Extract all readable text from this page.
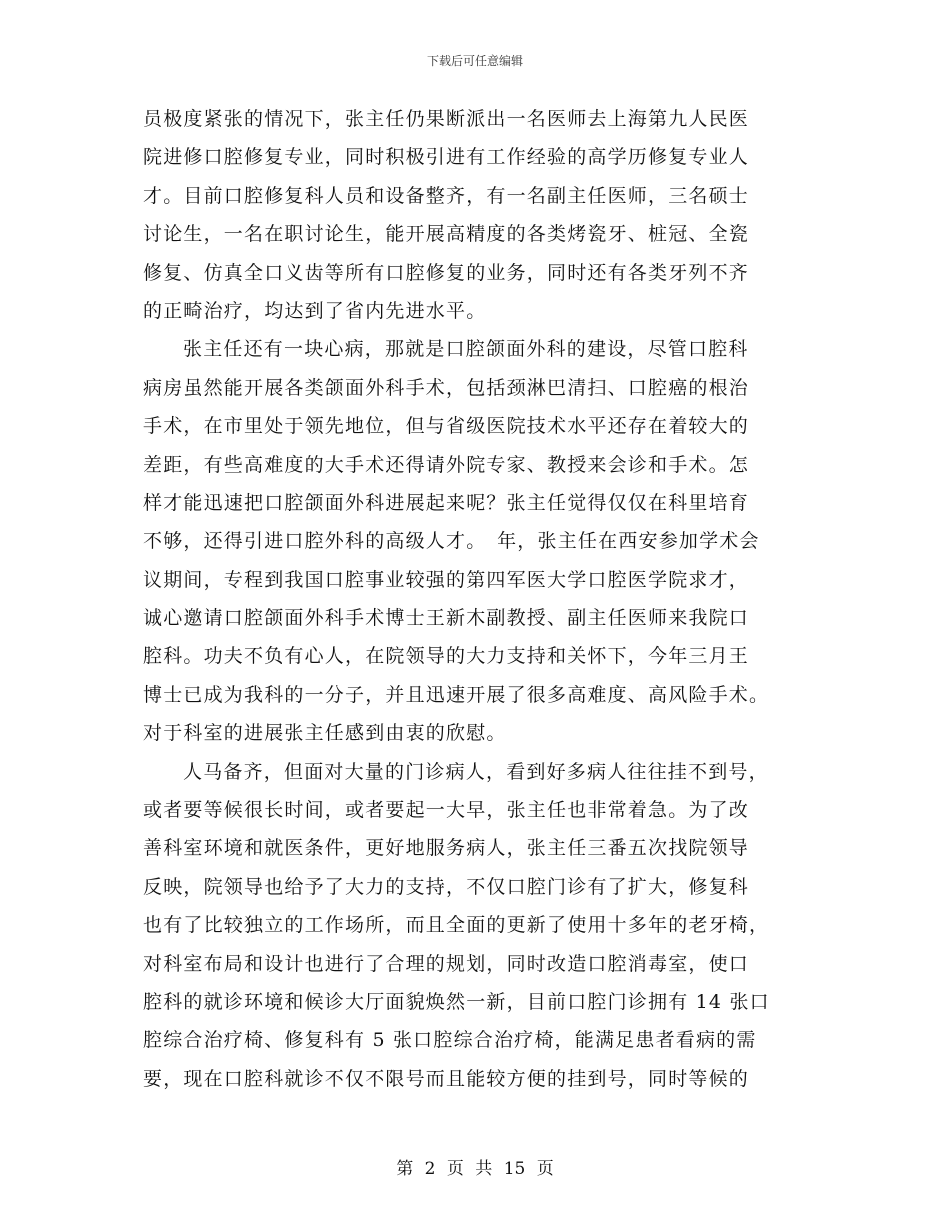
下载后可任意编辑
员极度紧张的情况下，张主任仍果断派出一名医师去上海第九人民医
院进修口腔修复专业，同时积极引进有工作经验的高学历修复专业人
才。目前口腔修复科人员和设备整齐，有一名副主任医师，三名硕士
讨论生，一名在职讨论生，能开展高精度的各类烤瓷牙、桩冠、全瓷
修复、仿真全口义齿等所有口腔修复的业务，同时还有各类牙列不齐
的正畸治疗，均达到了省内先进水平。
张主任还有一块心病，那就是口腔颌面外科的建设，尽管口腔科
病房虽然能开展各类颌面外科手术，包括颈淋巴清扫、口腔癌的根治
手术，在市里处于领先地位，但与省级医院技术水平还存在着较大的
差距，有些高难度的大手术还得请外院专家、教授来会诊和手术。怎
样才能迅速把口腔颌面外科进展起来呢？张主任觉得仅仅在科里培育
不够，还得引进口腔外科的高级人才。　年，张主任在西安参加学术会
议期间，专程到我国口腔事业较强的第四军医大学口腔医学院求才，
诚心邀请口腔颌面外科手术博士王新木副教授、副主任医师来我院口
腔科。功夫不负有心人，在院领导的大力支持和关怀下，今年三月王
博士已成为我科的一分子，并且迅速开展了很多高难度、高风险手术。
对于科室的进展张主任感到由衷的欣慰。
人马备齐，但面对大量的门诊病人，看到好多病人往往挂不到号，
或者要等候很长时间，或者要起一大早，张主任也非常着急。为了改
善科室环境和就医条件，更好地服务病人，张主任三番五次找院领导
反映，院领导也给予了大力的支持，不仅口腔门诊有了扩大，修复科
也有了比较独立的工作场所，而且全面的更新了使用十多年的老牙椅，
对科室布局和设计也进行了合理的规划，同时改造口腔消毒室，使口
腔科的就诊环境和候诊大厅面貌焕然一新，目前口腔门诊拥有 14 张口
腔综合治疗椅、修复科有 5 张口腔综合治疗椅，能满足患者看病的需
要，现在口腔科就诊不仅不限号而且能较方便的挂到号，同时等候的
第 2 页 共 15 页
